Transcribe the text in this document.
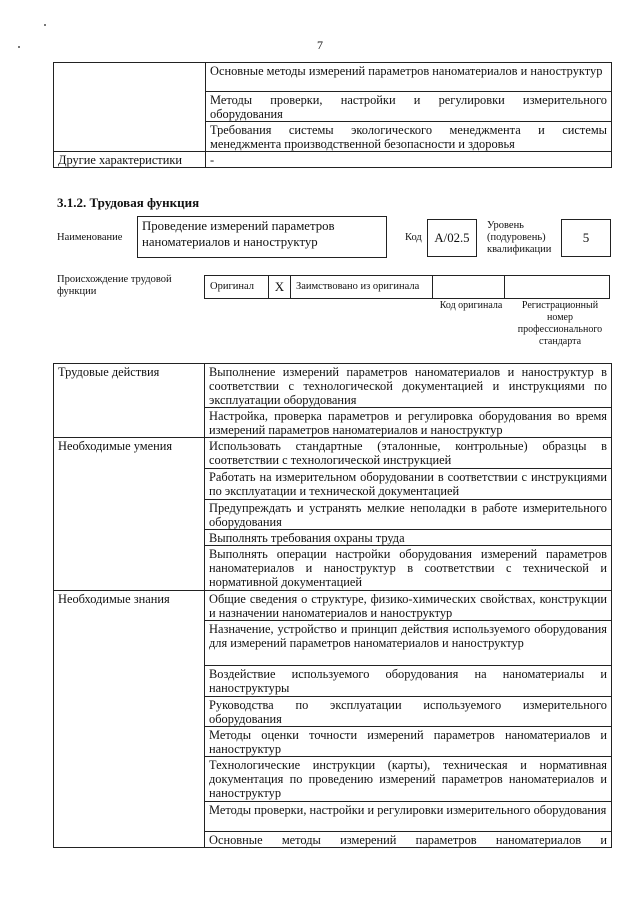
7
	Основные методы измерений параметров наноматериалов и наноструктур
	Методы проверки, настройки и регулировки измерительного оборудования
	Требования системы экологического менеджмента и системы менеджмента производственной безопасности и здоровья
Другие характеристики	-
3.1.2. Трудовая функция
Наименование
Проведение измерений параметров наноматериалов и наноструктур	Код A/02.5
Уровень (подуровень) квалификации
5
Происхождение трудовой функции	Оригинал	X	Заимствовано из оригинала
Код оригинала	Регистрационный номер профессионального стандарта
Трудовые действия	Выполнение измерений параметров наноматериалов и наноструктур в соответствии с технологической документацией и инструкциями по эксплуатации оборудования
	Настройка, проверка параметров и регулировка оборудования во время измерений параметров наноматериалов и наноструктур
Необходимые умения	Использовать стандартные (эталонные, контрольные) образцы в соответствии с технологической инструкцией
	Работать на измерительном оборудовании в соответствии с инструкциями по эксплуатации и технической документацией
	Предупреждать и устранять мелкие неполадки в работе измерительного оборудования
	Выполнять требования охраны труда
	Выполнять операции настройки оборудования измерений параметров наноматериалов и наноструктур в соответствии с технической и нормативной документацией
Необходимые знания	Общие сведения о структуре, физико-химических свойствах, конструкции и назначении наноматериалов и наноструктур
	Назначение, устройство и принцип действия используемого оборудования для измерений параметров наноматериалов и наноструктур
	Воздействие используемого оборудования на наноматериалы и наноструктуры
	Руководства по эксплуатации используемого измерительного оборудования
	Методы оценки точности измерений параметров наноматериалов и наноструктур
	Технологические инструкции (карты), техническая и нормативная документация по проведению измерений параметров наноматериалов и наноструктур
	Методы проверки, настройки и регулировки измерительного оборудования
	Основные методы измерений параметров наноматериалов и
